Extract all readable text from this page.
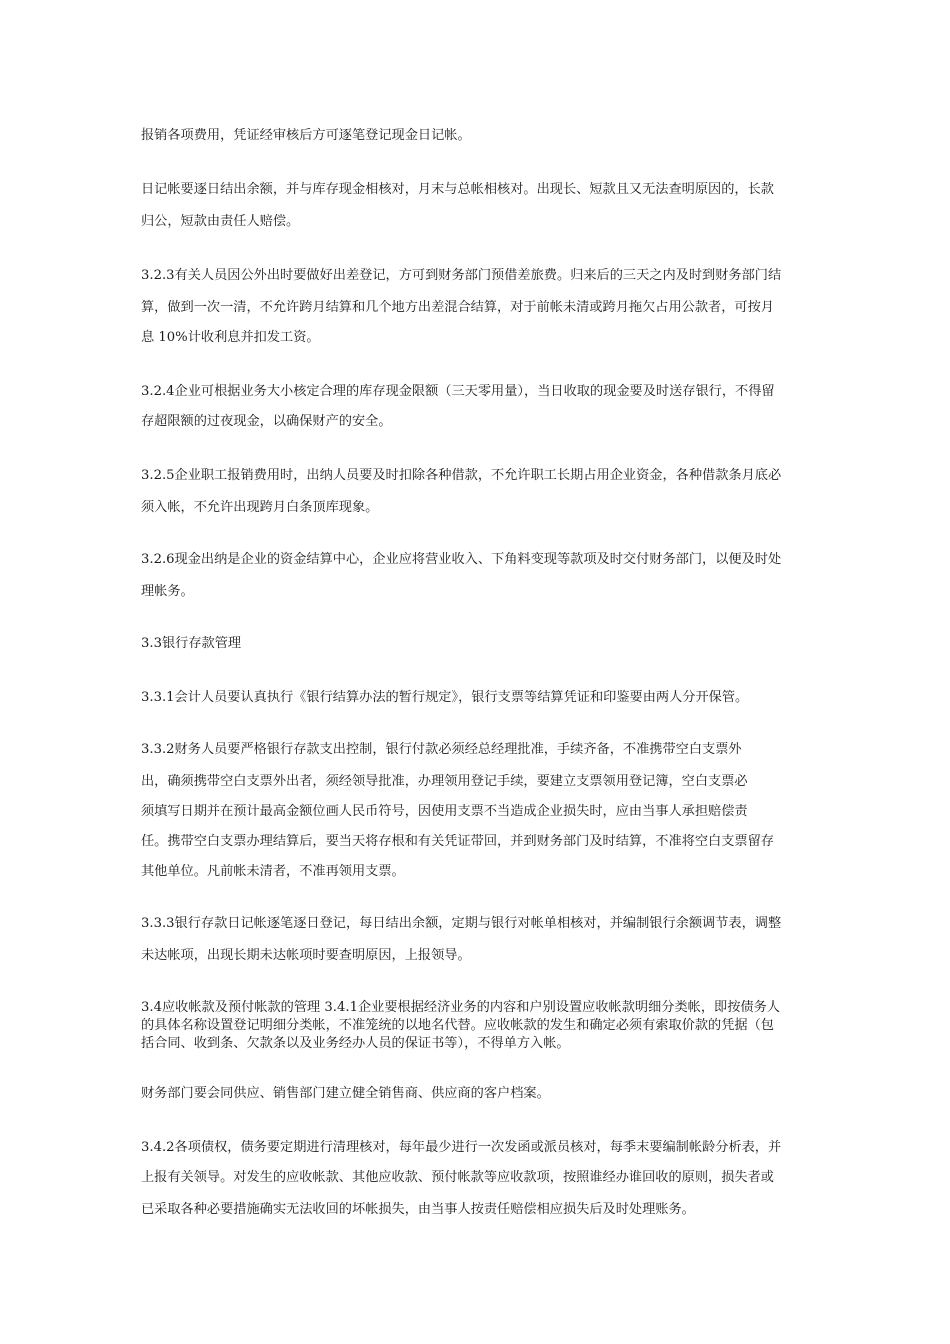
报销各项费用，凭证经审核后方可逐笔登记现金日记帐。
日记帐要逐日结出余额，并与库存现金相核对，月末与总帐相核对。出现长、短款且又无法查明原因的，长款
归公，短款由责任人赔偿。
3.2.3有关人员因公外出时要做好出差登记，方可到财务部门预借差旅费。归来后的三天之内及时到财务部门结
算，做到一次一清，不允许跨月结算和几个地方出差混合结算，对于前帐未清或跨月拖欠占用公款者，可按月
息 10%计收利息并扣发工资。
3.2.4企业可根据业务大小核定合理的库存现金限额（三天零用量），当日收取的现金要及时送存银行，不得留
存超限额的过夜现金，以确保财产的安全。
3.2.5企业职工报销费用时，出纳人员要及时扣除各种借款，不允许职工长期占用企业资金，各种借款条月底必
须入帐，不允许出现跨月白条顶库现象。
3.2.6现金出纳是企业的资金结算中心，企业应将营业收入、下角料变现等款项及时交付财务部门，以便及时处
理帐务。
3.3银行存款管理
3.3.1会计人员要认真执行《银行结算办法的暂行规定》，银行支票等结算凭证和印鉴要由两人分开保管。
3.3.2财务人员要严格银行存款支出控制，银行付款必须经总经理批准，手续齐备，不准携带空白支票外
出，确须携带空白支票外出者，须经领导批准，办理领用登记手续，要建立支票领用登记簿，空白支票必
须填写日期并在预计最高金额位画人民币符号，因使用支票不当造成企业损失时，应由当事人承担赔偿责
任。携带空白支票办理结算后，要当天将存根和有关凭证带回，并到财务部门及时结算，不准将空白支票留存
其他单位。凡前帐未清者，不准再领用支票。
3.3.3银行存款日记帐逐笔逐日登记，每日结出余额，定期与银行对帐单相核对，并编制银行余额调节表，调整
未达帐项，出现长期未达帐项时要查明原因，上报领导。
3.4应收帐款及预付帐款的管理 3.4.1企业要根据经济业务的内容和户别设置应收帐款明细分类帐，即按债务人
的具体名称设置登记明细分类帐，不准笼统的以地名代替。应收帐款的发生和确定必须有索取价款的凭据（包
括合同、收到条、欠款条以及业务经办人员的保证书等），不得单方入帐。
财务部门要会同供应、销售部门建立健全销售商、供应商的客户档案。
3.4.2各项债权，债务要定期进行清理核对，每年最少进行一次发函或派员核对，每季末要编制帐龄分析表，并
上报有关领导。对发生的应收帐款、其他应收款、预付帐款等应收款项，按照谁经办谁回收的原则，损失者或
已采取各种必要措施确实无法收回的坏帐损失，由当事人按责任赔偿相应损失后及时处理账务。
